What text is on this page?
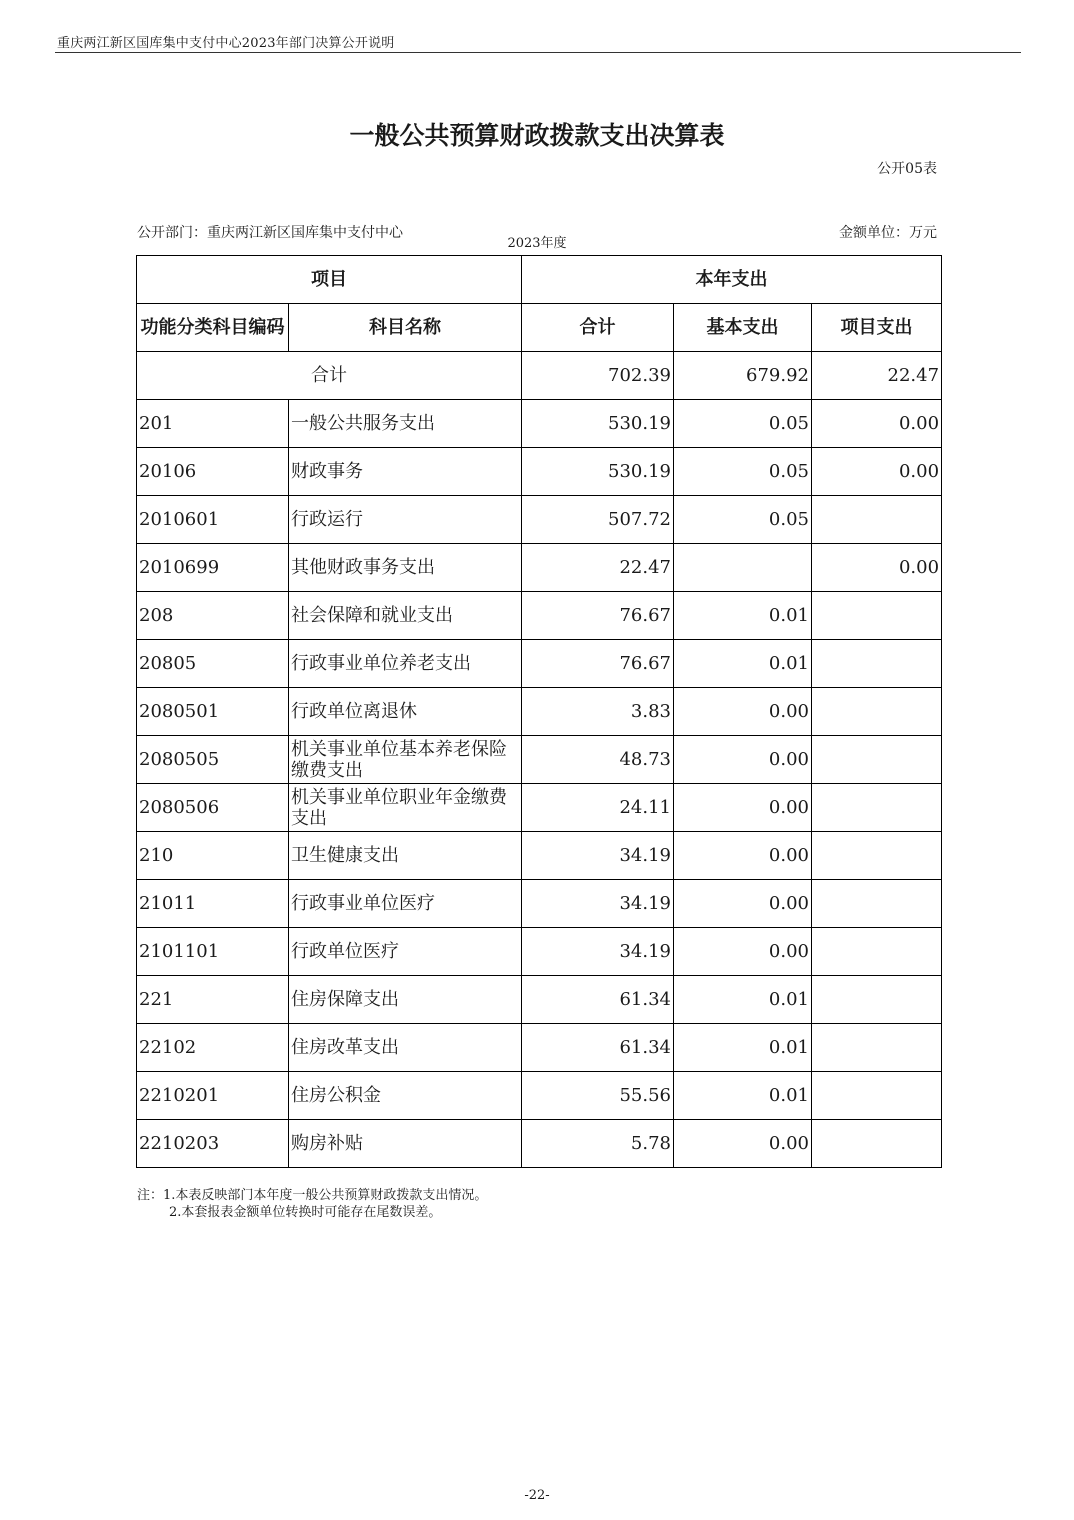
重庆两江新区国库集中支付中心2023年部门决算公开说明
一般公共预算财政拨款支出决算表
公开05表
公开部门：重庆两江新区国库集中支付中心
2023年度
金额单位：万元
项目		本年支出		
功能分类科目编码	科目名称	合计	基本支出	项目支出
合计		702.39	679.92	22.47
201	一般公共服务支出	530.19	0.05	0.00
20106	财政事务	530.19	0.05	0.00
2010601	行政运行	507.72	0.05	
2010699	其他财政事务支出	22.47		0.00
208	社会保障和就业支出	76.67	0.01	
20805	行政事业单位养老支出	76.67	0.01	
2080501	行政单位离退休	3.83	0.00	
2080505	机关事业单位基本养老保险缴费支出	48.73	0.00	
2080506	机关事业单位职业年金缴费支出	24.11	0.00	
210	卫生健康支出	34.19	0.00	
21011	行政事业单位医疗	34.19	0.00	
2101101	行政单位医疗	34.19	0.00	
221	住房保障支出	61.34	0.01	
22102	住房改革支出	61.34	0.01	
2210201	住房公积金	55.56	0.01	
2210203	购房补贴	5.78	0.00	
注：1.本表反映部门本年度一般公共预算财政拨款支出情况。
2.本套报表金额单位转换时可能存在尾数误差。
-22-
